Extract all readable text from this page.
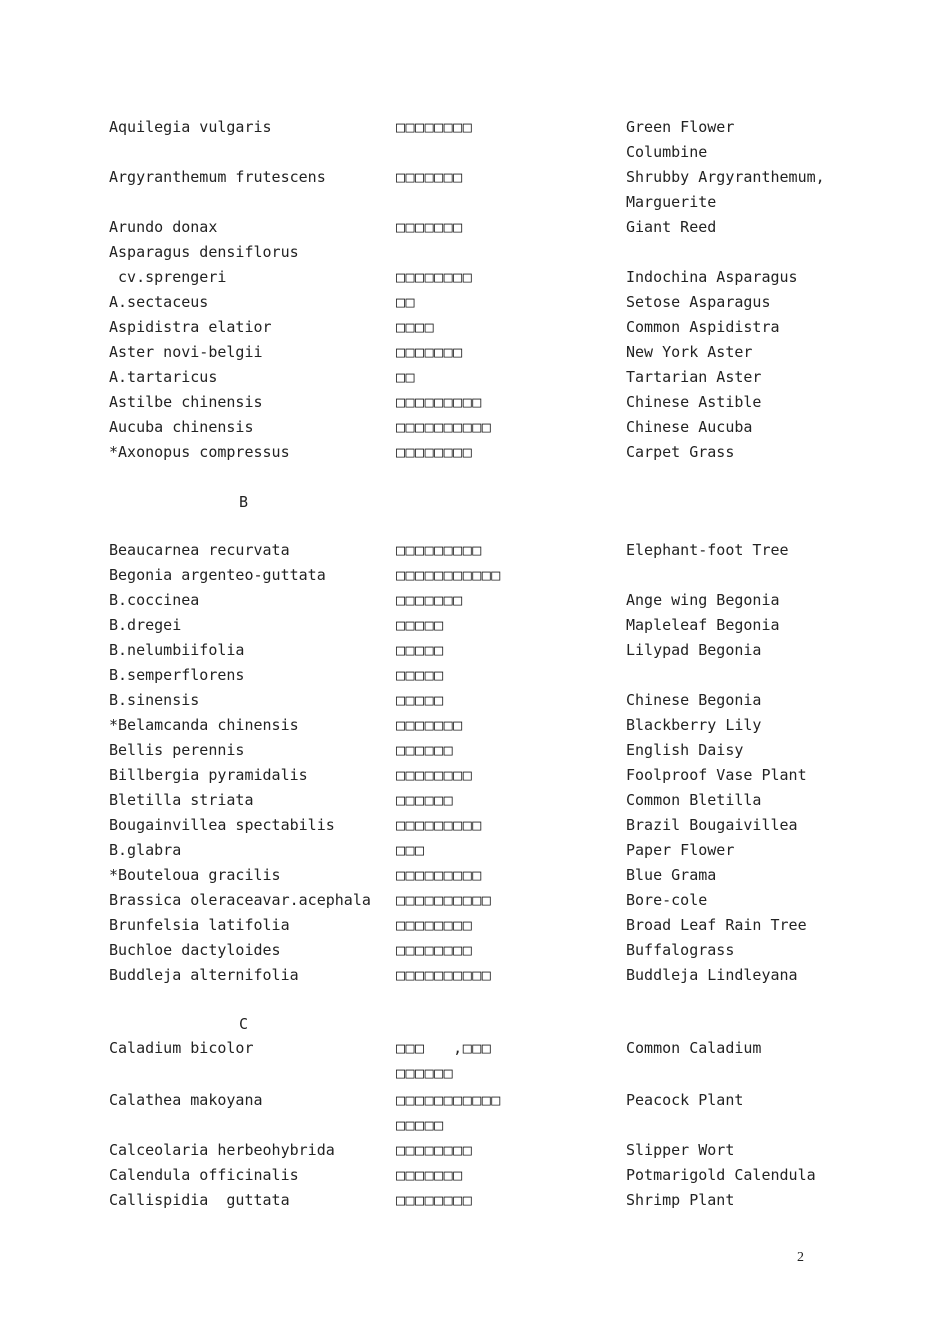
Aquilegia vulgaris	□□□□□□□□	Green Flower
Columbine
Argyranthemum frutescens	□□□□□□□	Shrubby Argyranthemum,
Marguerite
Arundo donax	□□□□□□□	Giant Reed
Asparagus densiflorus
cv.sprengeri	□□□□□□□□	Indochina Asparagus
A.sectaceus	□□	Setose Asparagus
Aspidistra elatior	□□□□	Common Aspidistra
Aster novi-belgii	□□□□□□□	New York Aster
A.tartaricus	□□	Tartarian Aster
Astilbe chinensis	□□□□□□□□□	Chinese Astible
Aucuba chinensis	□□□□□□□□□□	Chinese Aucuba
*Axonopus compressus	□□□□□□□□	Carpet Grass
Beaucarnea recurvata	□□□□□□□□□	Elephant-foot Tree
Begonia argenteo-guttata	□□□□□□□□□□□
B.coccinea	□□□□□□□	Ange wing Begonia
B.dregei	□□□□□	Mapleleaf Begonia
B.nelumbiifolia	□□□□□	Lilypad Begonia
B.semperflorens	□□□□□
B.sinensis	□□□□□	Chinese Begonia
*Belamcanda chinensis	□□□□□□□	Blackberry Lily
Bellis perennis	□□□□□□	English Daisy
Billbergia pyramidalis	□□□□□□□□	Foolproof Vase Plant
Bletilla striata	□□□□□□	Common Bletilla
Bougainvillea spectabilis	□□□□□□□□□	Brazil Bougaivillea
B.glabra	□□□	Paper Flower
*Bouteloua gracilis	□□□□□□□□□	Blue Grama
Brassica oleraceavar.acephala □□□□□□□□□□	Bore-cole
Brunfelsia latifolia	□□□□□□□□	Broad Leaf Rain Tree
Buchloe dactyloides	□□□□□□□□	Buffalograss
Buddleja alternifolia	□□□□□□□□□□	Buddleja Lindleyana
Caladium bicolor	□□□   ,□□□	Common Caladium
□□□□□□
Calathea makoyana	□□□□□□□□□□□	Peacock Plant
□□□□□
Calceolaria herbeohybrida	□□□□□□□□	Slipper Wort
Calendula officinalis	□□□□□□□	Potmarigold Calendula
Callispidia  guttata	□□□□□□□□	Shrimp Plant
B
C
2
